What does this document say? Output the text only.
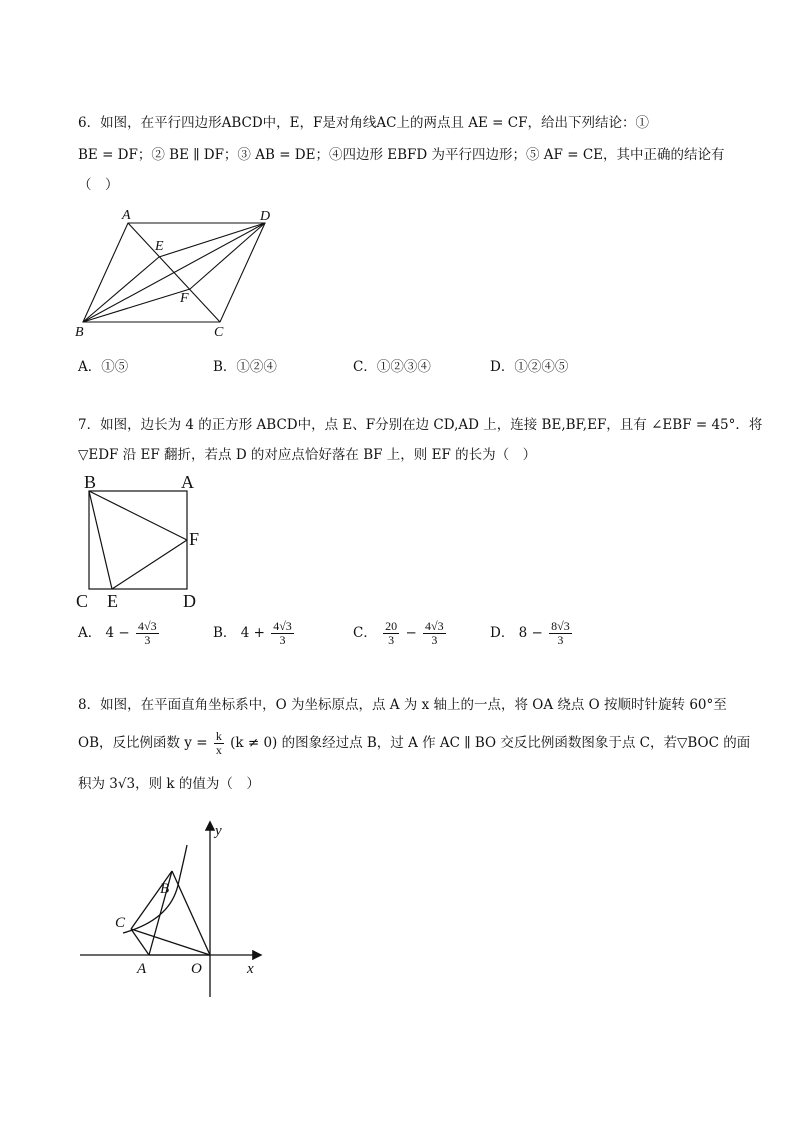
6．如图，在平行四边形ABCD中，E，F是对角线AC上的两点且 AE = CF，给出下列结论：①
BE = DF；② BE ∥ DF；③ AB = DE；④四边形 EBFD 为平行四边形；⑤ AF = CE，其中正确的结论有
（　）
A	D
E
F
B	C
A．①⑤	B．①②④	C．①②③④	D．①②④⑤
7．如图，边长为 4 的正方形 ABCD中，点 E、F分别在边 CD,AD 上，连接 BE,BF,EF，且有 ∠EBF = 45°．将
▽EDF 沿 EF 翻折，若点 D 的对应点恰好落在 BF 上，则 EF 的长为（　）
B	A
F
C E	D
A． $4 - \frac{4√3}{3}$	B． $4 + \frac{4√3}{3}$	C． $\frac{20}{3} - \frac{4√3}{3}$	D． $8 - \frac{8√3}{3}$
8．如图，在平面直角坐标系中，O 为坐标原点，点 A 为 x 轴上的一点，将 OA 绕点 O 按顺时针旋转 60°至
OB，反比例函数 $y = \frac{k}{x} (k \ne 0)$ 的图象经过点 B，过 A 作 AC ∥ BO 交反比例函数图象于点 C，若▽BOC 的面
积为 3√3，则 k 的值为（　）
y
B
C
A	O	x
